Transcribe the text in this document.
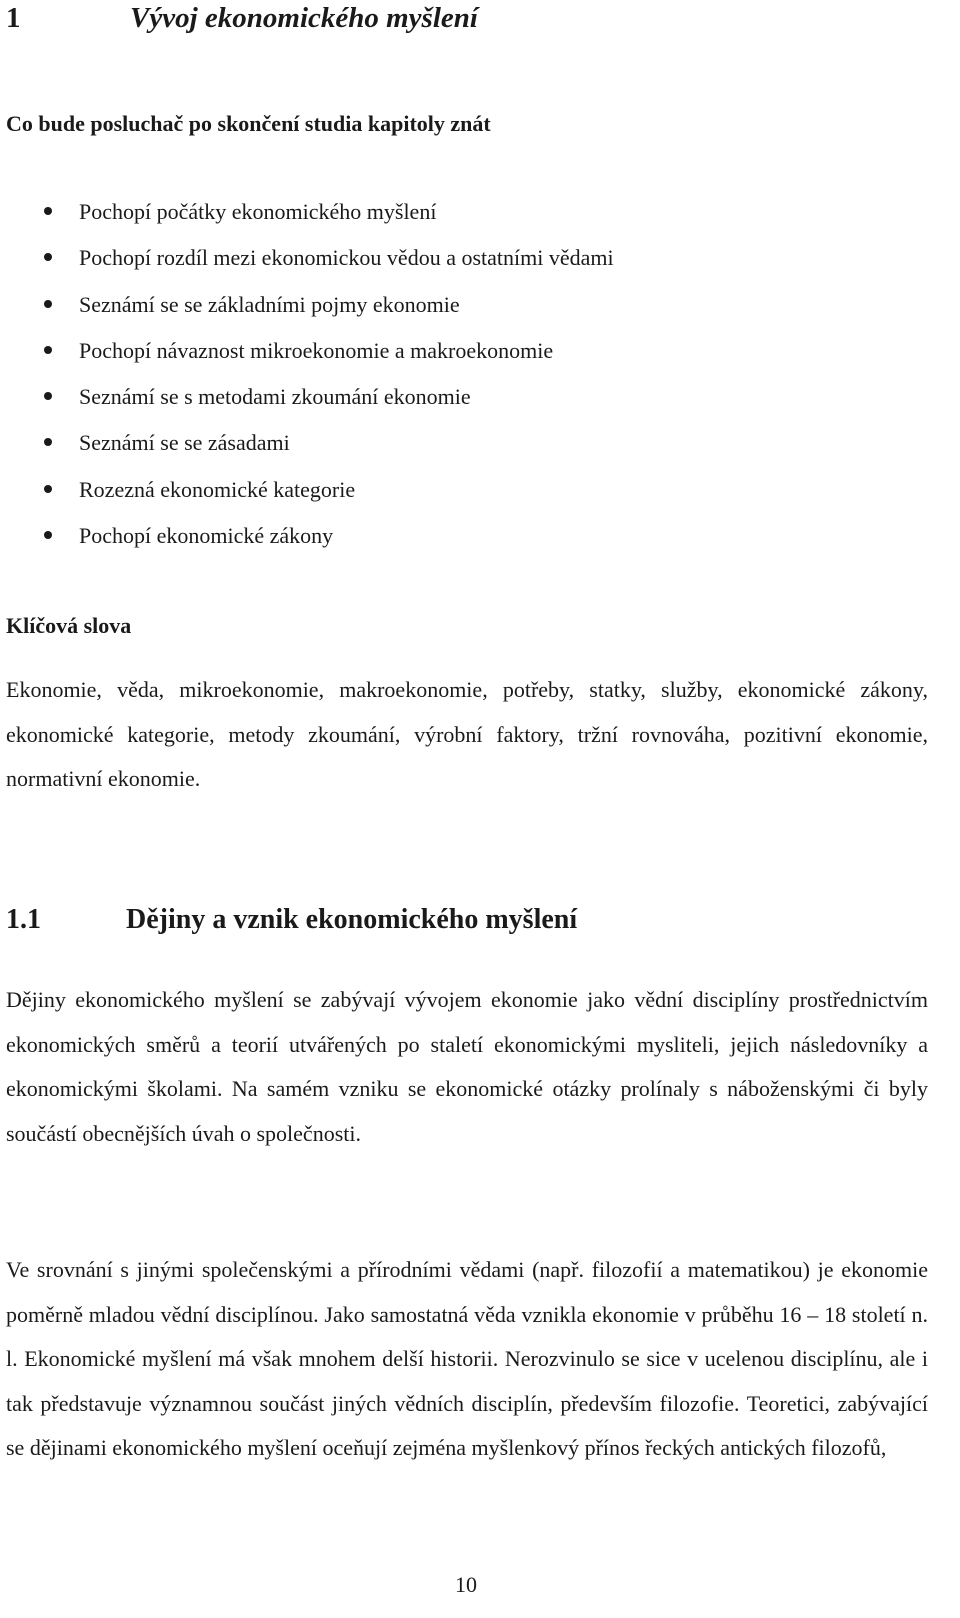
1	Vývoj ekonomického myšlení
Co bude posluchač po skončení studia kapitoly znát
Pochopí počátky ekonomického myšlení
Pochopí rozdíl mezi ekonomickou vědou a ostatními vědami
Seznámí se se základními pojmy ekonomie
Pochopí návaznost mikroekonomie a makroekonomie
Seznámí se s metodami zkoumání ekonomie
Seznámí se se zásadami
Rozezná ekonomické kategorie
Pochopí ekonomické zákony
Klíčová slova

Ekonomie, věda, mikroekonomie, makroekonomie, potřeby, statky, služby, ekonomické zákony, ekonomické kategorie, metody zkoumání, výrobní faktory, tržní rovnováha, pozitivní ekonomie, normativní ekonomie.

1.1	Dějiny a vznik ekonomického myšlení

Dějiny ekonomického myšlení se zabývají vývojem ekonomie jako vědní disciplíny prostřednictvím ekonomických směrů a teorií utvářených po staletí ekonomickými mysliteli, jejich následovníky a ekonomickými školami. Na samém vzniku se ekonomické otázky prolínaly s náboženskými či byly součástí obecnějších úvah o společnosti.

Ve srovnání s jinými společenskými a přírodními vědami (např. filozofií a matematikou) je ekonomie poměrně mladou vědní disciplínou. Jako samostatná věda vznikla ekonomie v průběhu 16 – 18 století n. l. Ekonomické myšlení má však mnohem delší historii. Nerozvinulo se sice v ucelenou disciplínu, ale i tak představuje významnou součást jiných vědních disciplín, především filozofie. Teoretici, zabývající se dějinami ekonomického myšlení oceňují zejména myšlenkový přínos řeckých antických filozofů,

10
